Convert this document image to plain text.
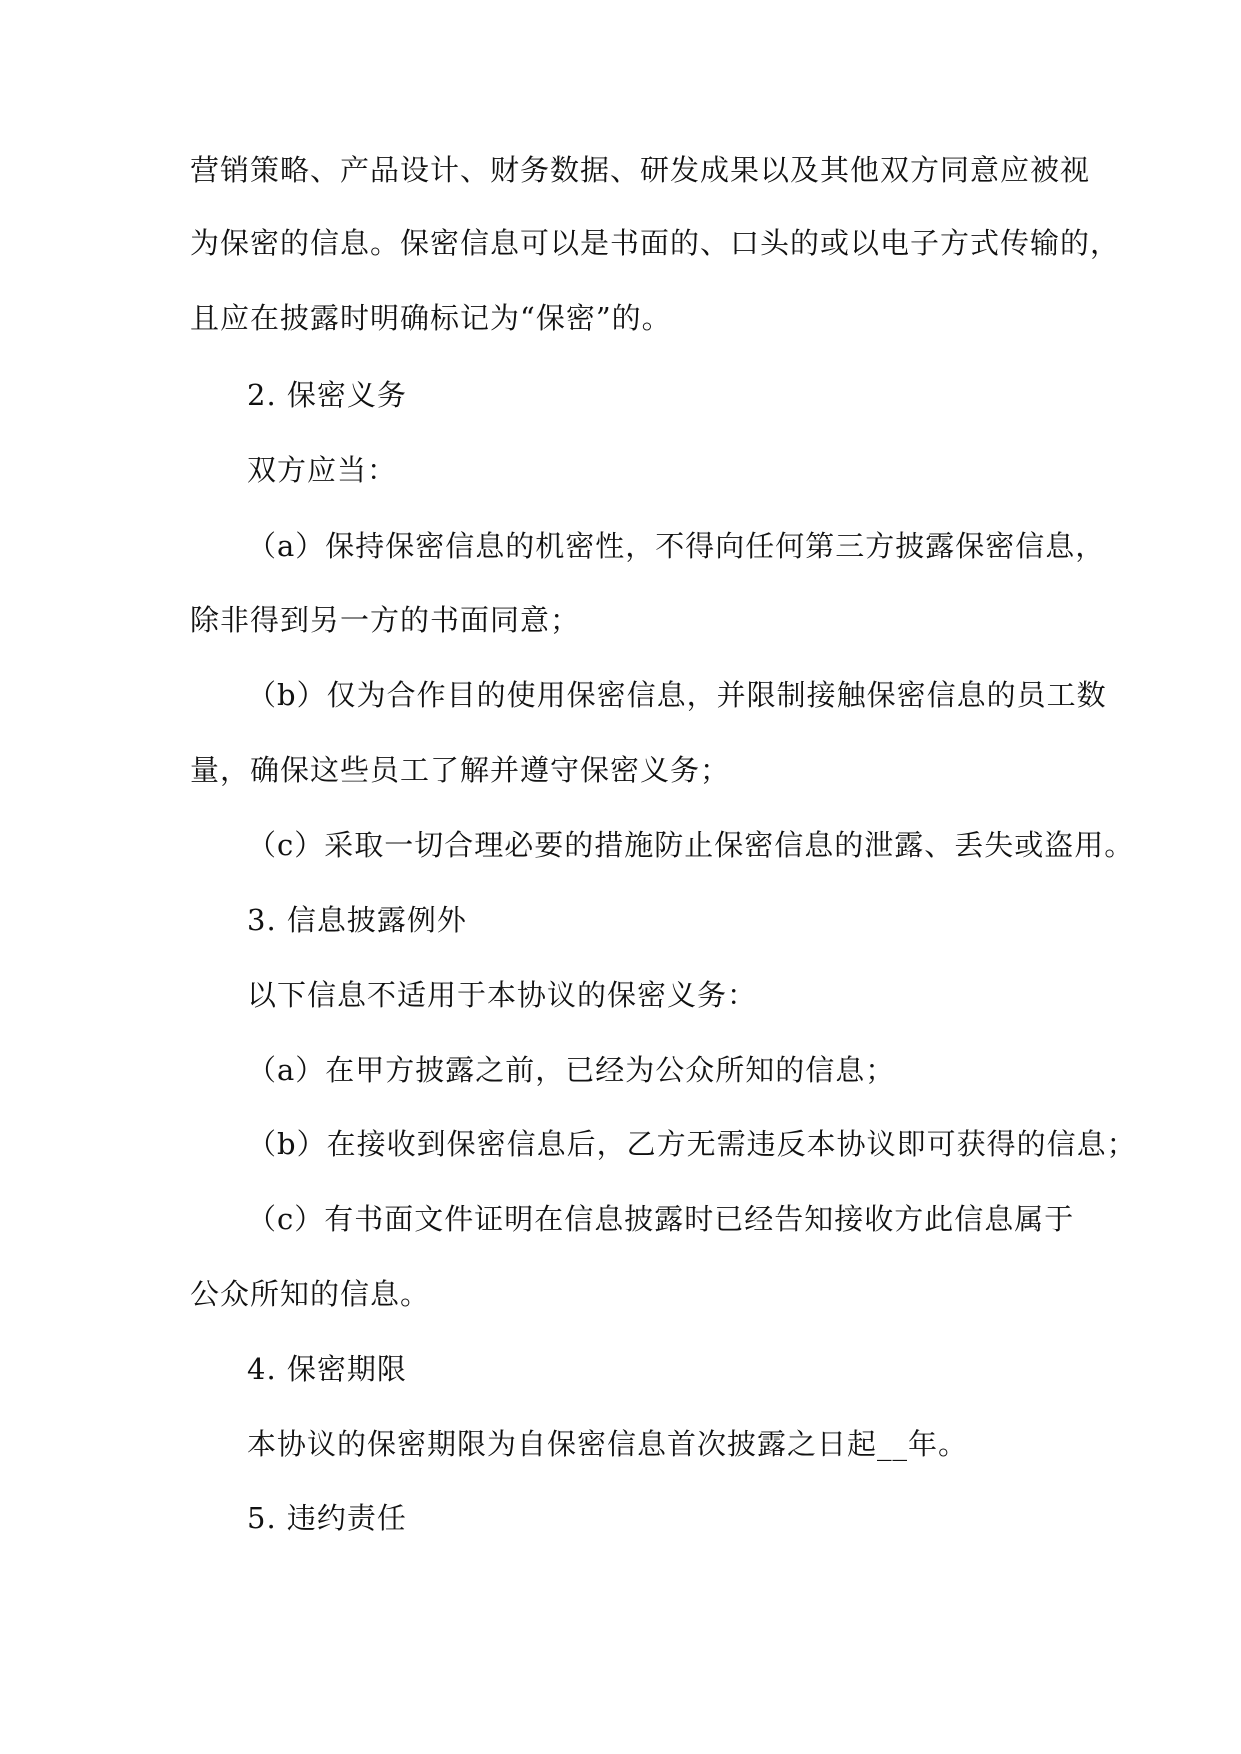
营销策略、产品设计、财务数据、研发成果以及其他双方同意应被视
为保密的信息。保密信息可以是书面的、口头的或以电子方式传输的，
且应在披露时明确标记为“保密”的。
2. 保密义务
双方应当：
（a）保持保密信息的机密性，不得向任何第三方披露保密信息，
除非得到另一方的书面同意；
（b）仅为合作目的使用保密信息，并限制接触保密信息的员工数
量，确保这些员工了解并遵守保密义务；
（c）采取一切合理必要的措施防止保密信息的泄露、丢失或盗用。
3. 信息披露例外
以下信息不适用于本协议的保密义务：
（a）在甲方披露之前，已经为公众所知的信息；
（b）在接收到保密信息后，乙方无需违反本协议即可获得的信息；
（c）有书面文件证明在信息披露时已经告知接收方此信息属于
公众所知的信息。
4. 保密期限
本协议的保密期限为自保密信息首次披露之日起__年。
5. 违约责任
